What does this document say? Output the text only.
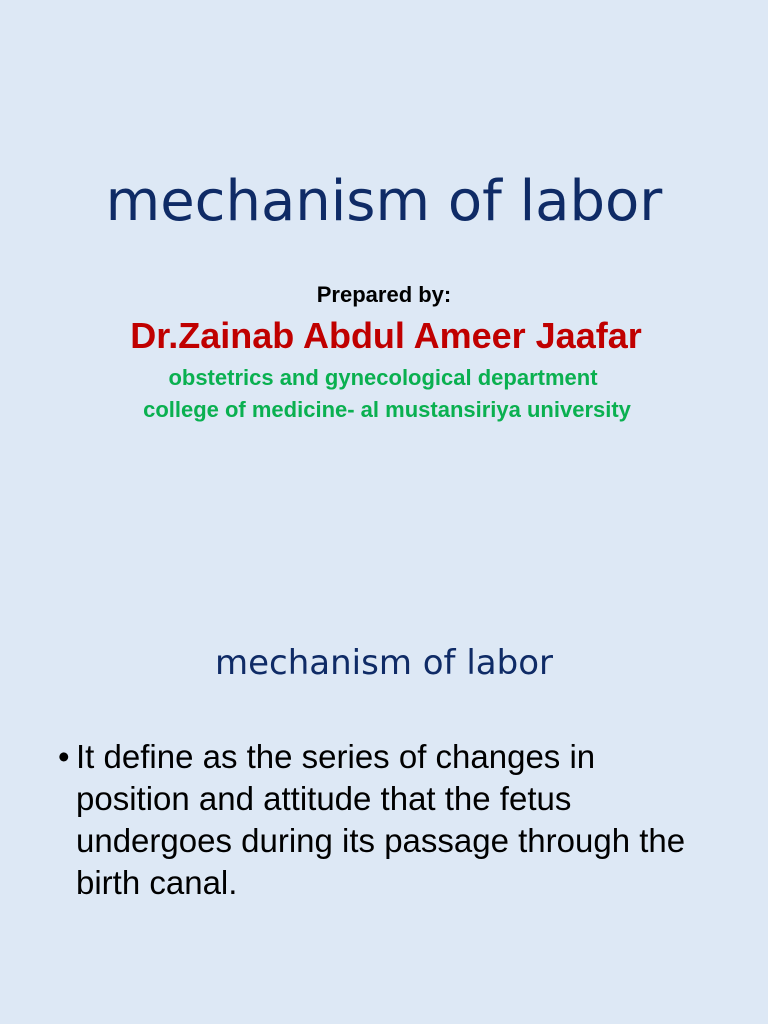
mechanism of labor
Prepared by:
Dr.Zainab Abdul Ameer Jaafar
obstetrics and gynecological department
college of medicine- al mustansiriya university
mechanism of labor
• It define as the series of changes in position and attitude that the fetus undergoes during its passage through the birth canal.
